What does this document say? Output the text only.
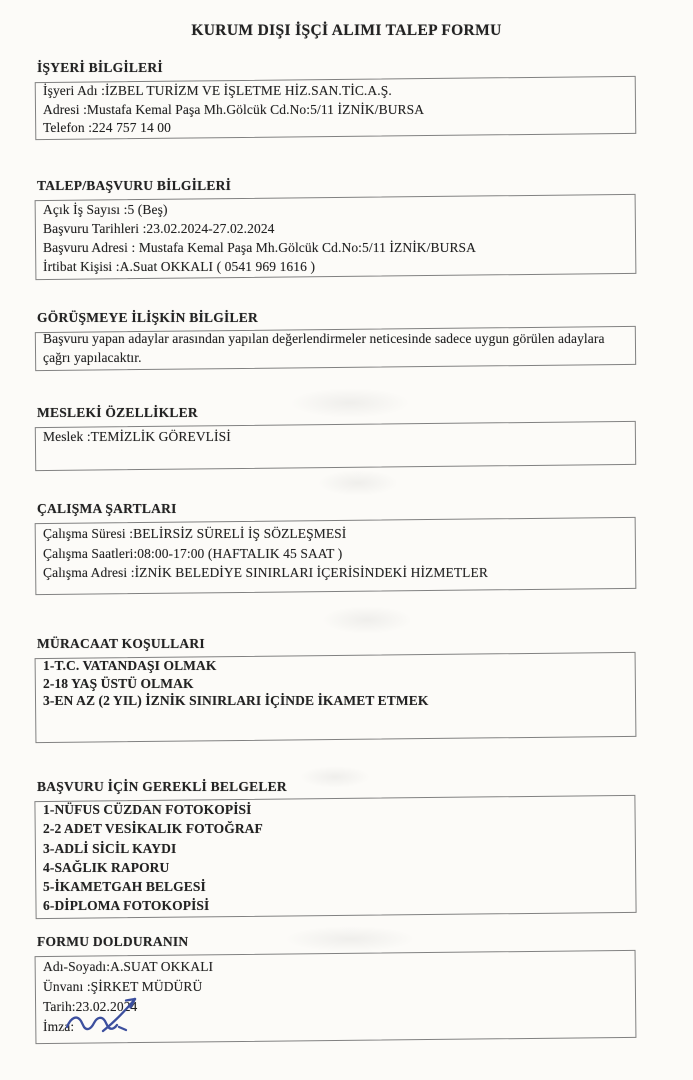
KURUM DIŞI İŞÇİ ALIMI TALEP FORMU
İŞYERİ BİLGİLERİ

İşyeri Adı :İZBEL TURİZM VE İŞLETME HİZ.SAN.TİC.A.Ş.

Adresi :Mustafa Kemal Paşa Mh.Gölcük Cd.No:5/11 İZNİK/BURSA

Telefon :224 757 14 00

TALEP/BAŞVURU BİLGİLERİ

Açık İş Sayısı :5 (Beş)

Başvuru Tarihleri :23.02.2024-27.02.2024

Başvuru Adresi : Mustafa Kemal Paşa Mh.Gölcük Cd.No:5/11 İZNİK/BURSA

İrtibat Kişisi :A.Suat OKKALI ( 0541 969 1616 )

GÖRÜŞMEYE İLİŞKİN BİLGİLER

Başvuru yapan adaylar arasından yapılan değerlendirmeler neticesinde sadece uygun görülen adaylara çağrı yapılacaktır.

MESLEKİ ÖZELLİKLER

Meslek :TEMİZLİK GÖREVLİSİ

ÇALIŞMA ŞARTLARI

Çalışma Süresi :BELİRSİZ SÜRELİ İŞ SÖZLEŞMESİ

Çalışma Saatleri:08:00-17:00 (HAFTALIK 45 SAAT )

Çalışma Adresi :İZNİK BELEDİYE SINIRLARI İÇERİSİNDEKİ HİZMETLER

MÜRACAAT KOŞULLARI

1-T.C. VATANDAŞI OLMAK

2-18 YAŞ ÜSTÜ OLMAK

3-EN AZ (2 YIL) İZNİK SINIRLARI İÇİNDE İKAMET ETMEK

BAŞVURU İÇİN GEREKLİ BELGELER

1-NÜFUS CÜZDAN FOTOKOPİSİ

2-2 ADET VESİKALIK FOTOĞRAF

3-ADLİ SİCİL KAYDI

4-SAĞLIK RAPORU

5-İKAMETGAH BELGESİ

6-DİPLOMA FOTOKOPİSİ

FORMU DOLDURANIN

Adı-Soyadı:A.SUAT OKKALI

Ünvanı :ŞİRKET MÜDÜRÜ

Tarih:23.02.2024

İmza:
